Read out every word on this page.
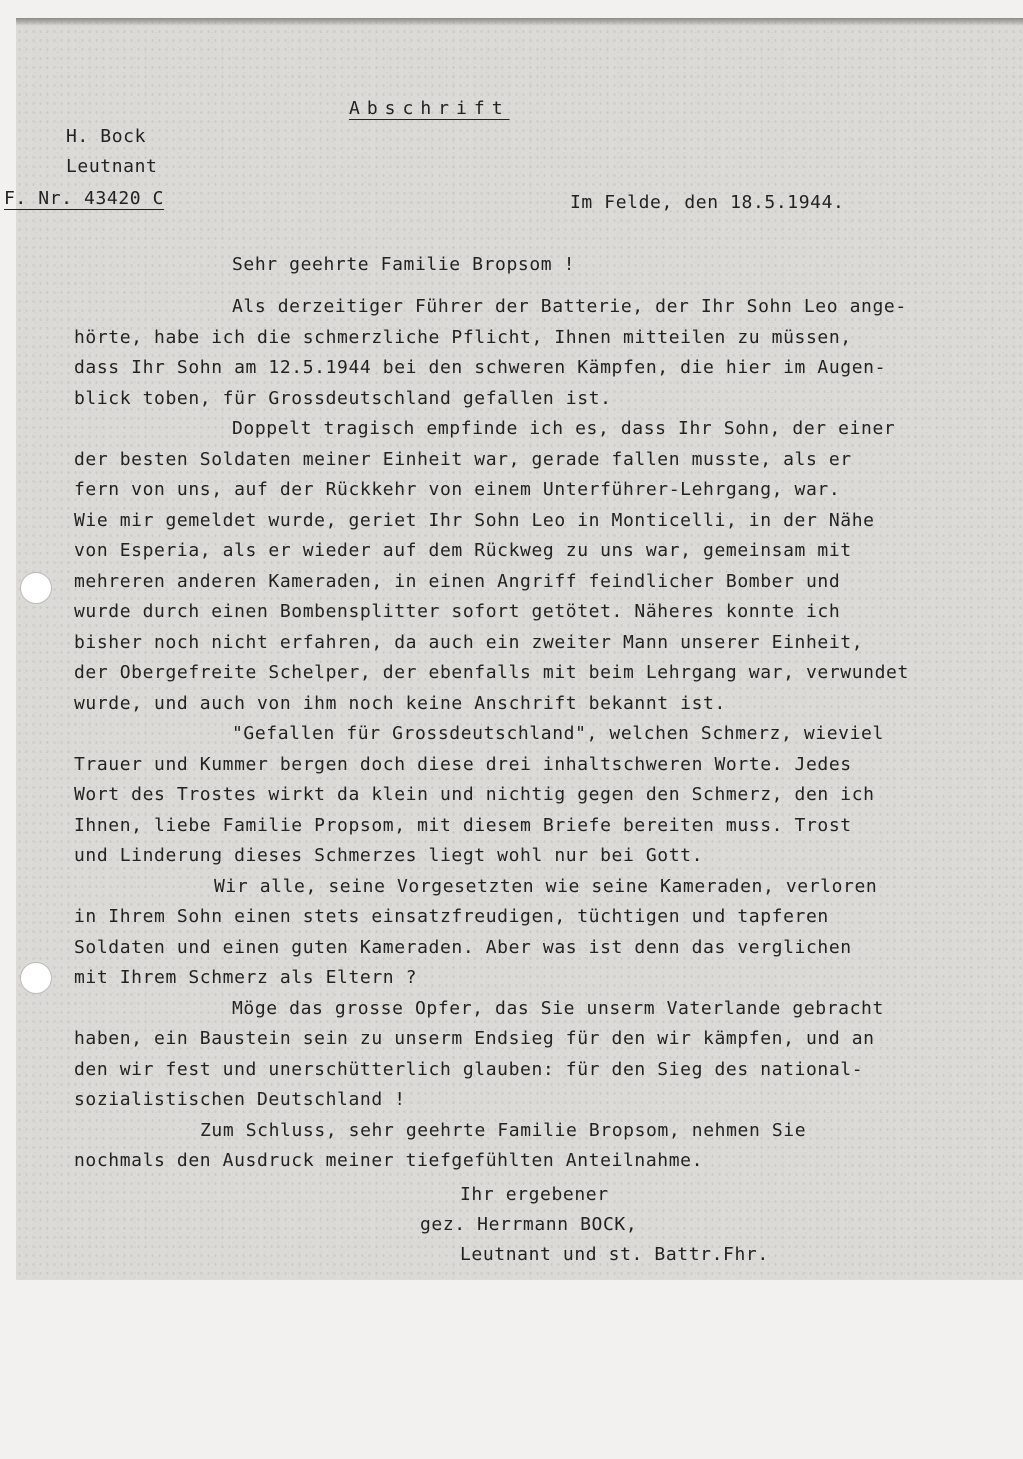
Abschrift
H. Bock
Leutnant
F. Nr. 43420 C	Im Felde, den 18.5.1944.
Sehr geehrte Familie Bropsom !
Als derzeitiger Führer der Batterie, der Ihr Sohn Leo ange-
hörte, habe ich die schmerzliche Pflicht, Ihnen mitteilen zu müssen,
dass Ihr Sohn am 12.5.1944 bei den schweren Kämpfen, die hier im Augen-
blick toben, für Grossdeutschland gefallen ist.
Doppelt tragisch empfinde ich es, dass Ihr Sohn, der einer
der besten Soldaten meiner Einheit war, gerade fallen musste, als er
fern von uns, auf der Rückkehr von einem Unterführer-Lehrgang, war.
Wie mir gemeldet wurde, geriet Ihr Sohn Leo in Monticelli, in der Nähe
von Esperia, als er wieder auf dem Rückweg zu uns war, gemeinsam mit
mehreren anderen Kameraden, in einen Angriff feindlicher Bomber und
wurde durch einen Bombensplitter sofort getötet. Näheres konnte ich
bisher noch nicht erfahren, da auch ein zweiter Mann unserer Einheit,
der Obergefreite Schelper, der ebenfalls mit beim Lehrgang war, verwundet
wurde, und auch von ihm noch keine Anschrift bekannt ist.
"Gefallen für Grossdeutschland", welchen Schmerz, wieviel
Trauer und Kummer bergen doch diese drei inhaltschweren Worte. Jedes
Wort des Trostes wirkt da klein und nichtig gegen den Schmerz, den ich
Ihnen, liebe Familie Propsom, mit diesem Briefe bereiten muss. Trost
und Linderung dieses Schmerzes liegt wohl nur bei Gott.
Wir alle, seine Vorgesetzten wie seine Kameraden, verloren
in Ihrem Sohn einen stets einsatzfreudigen, tüchtigen und tapferen
Soldaten und einen guten Kameraden. Aber was ist denn das verglichen
mit Ihrem Schmerz als Eltern ?
Möge das grosse Opfer, das Sie unserm Vaterlande gebracht
haben, ein Baustein sein zu unserm Endsieg für den wir kämpfen, und an
den wir fest und unerschütterlich glauben: für den Sieg des national-
sozialistischen Deutschland !
Zum Schluss, sehr geehrte Familie Bropsom, nehmen Sie
nochmals den Ausdruck meiner tiefgefühlten Anteilnahme.
Ihr ergebener
gez. Herrmann BOCK,
Leutnant und st. Battr.Fhr.
